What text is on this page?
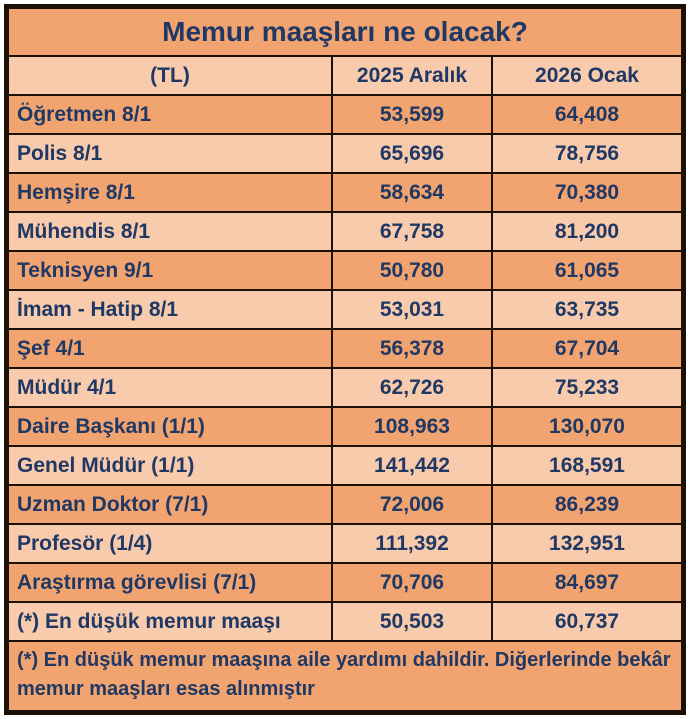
Memur maaşları ne olacak?
(TL)	2025 Aralık	2026 Ocak
Öğretmen 8/1	53,599	64,408
Polis 8/1	65,696	78,756
Hemşire 8/1	58,634	70,380
Mühendis 8/1	67,758	81,200
Teknisyen 9/1	50,780	61,065
İmam - Hatip 8/1	53,031	63,735
Şef 4/1	56,378	67,704
Müdür 4/1	62,726	75,233
Daire Başkanı (1/1)	108,963	130,070
Genel Müdür (1/1)	141,442	168,591
Uzman Doktor (7/1)	72,006	86,239
Profesör (1/4)	111,392	132,951
Araştırma görevlisi (7/1)	70,706	84,697
(*) En düşük memur maaşı	50,503	60,737
(*) En düşük memur maaşına aile yardımı dahildir. Diğerlerinde bekâr memur maaşları esas alınmıştır
